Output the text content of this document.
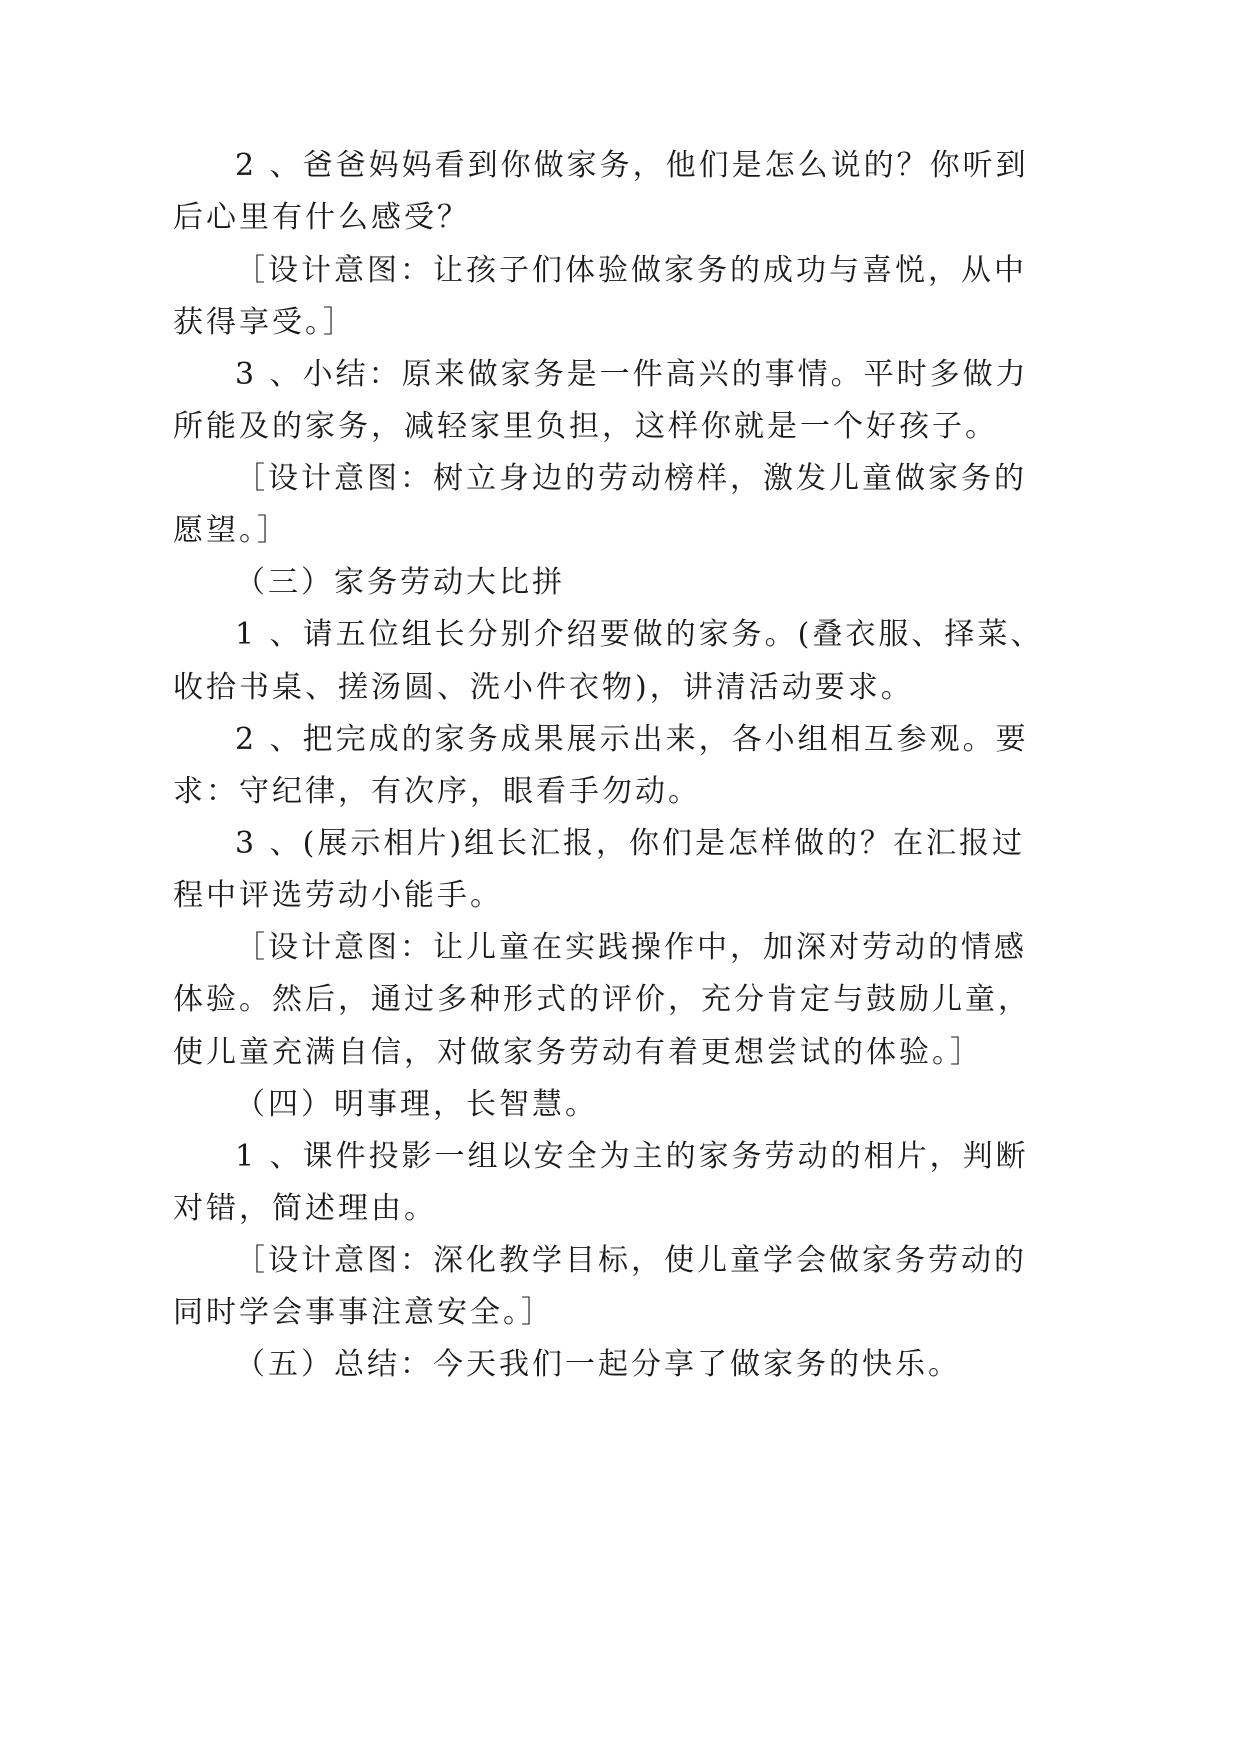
2 、爸爸妈妈看到你做家务，他们是怎么说的？你听到
后心里有什么感受？
［设计意图：让孩子们体验做家务的成功与喜悦，从中
获得享受。］
3 、小结：原来做家务是一件高兴的事情。平时多做力
所能及的家务，减轻家里负担，这样你就是一个好孩子。
［设计意图：树立身边的劳动榜样，激发儿童做家务的
愿望。］
（三）家务劳动大比拼
1 、请五位组长分别介绍要做的家务。(叠衣服、择菜、
收拾书桌、搓汤圆、洗小件衣物)，讲清活动要求。
2 、把完成的家务成果展示出来，各小组相互参观。要
求：守纪律，有次序，眼看手勿动。
3 、(展示相片)组长汇报，你们是怎样做的？在汇报过
程中评选劳动小能手。
［设计意图：让儿童在实践操作中，加深对劳动的情感
体验。然后，通过多种形式的评价，充分肯定与鼓励儿童，
使儿童充满自信，对做家务劳动有着更想尝试的体验。］
（四）明事理，长智慧。
1 、课件投影一组以安全为主的家务劳动的相片，判断
对错，简述理由。
［设计意图：深化教学目标，使儿童学会做家务劳动的
同时学会事事注意安全。］
（五）总结：今天我们一起分享了做家务的快乐。
